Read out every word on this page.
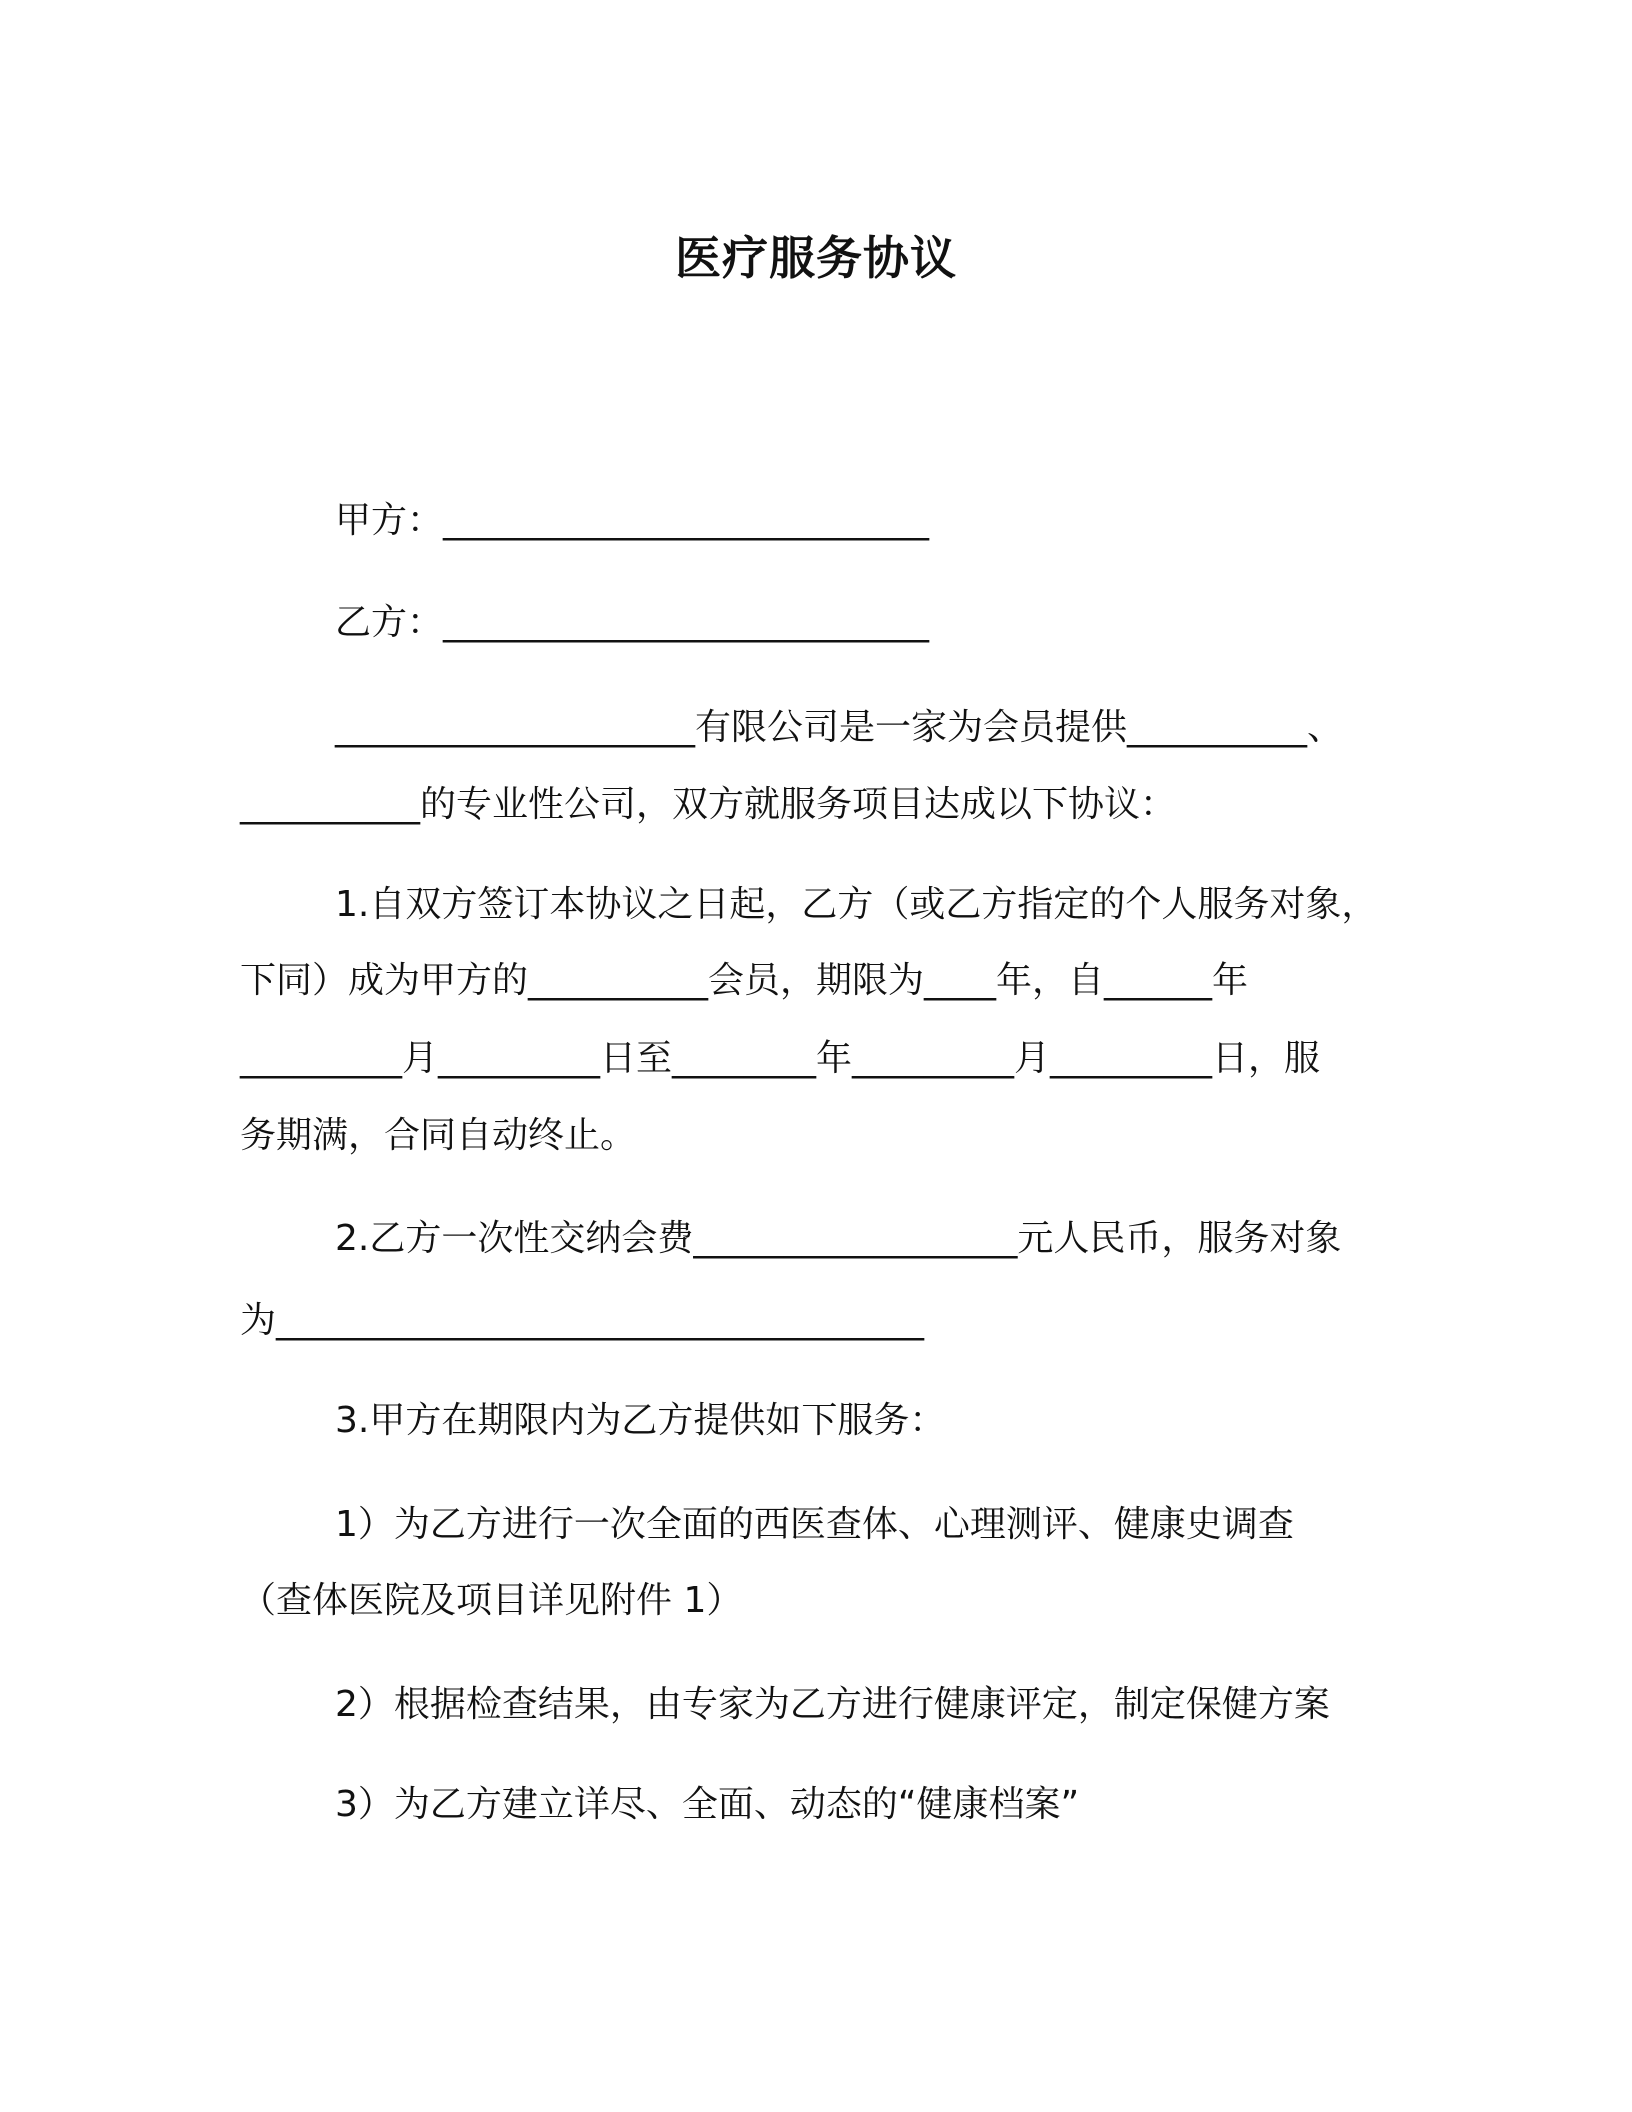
医疗服务协议
甲方：___________________________
乙方：___________________________
____________________有限公司是一家为会员提供__________、
__________的专业性公司，双方就服务项目达成以下协议：
1.自双方签订本协议之日起，乙方（或乙方指定的个人服务对象，
下同）成为甲方的__________会员，期限为____年，自______年
_________月_________日至________年_________月_________日，服
务期满，合同自动终止。
2.乙方一次性交纳会费__________________元人民币，服务对象
为____________________________________
3.甲方在期限内为乙方提供如下服务：
1）为乙方进行一次全面的西医查体、心理测评、健康史调查
（查体医院及项目详见附件 1）
2）根据检查结果，由专家为乙方进行健康评定，制定保健方案
3）为乙方建立详尽、全面、动态的“健康档案”
